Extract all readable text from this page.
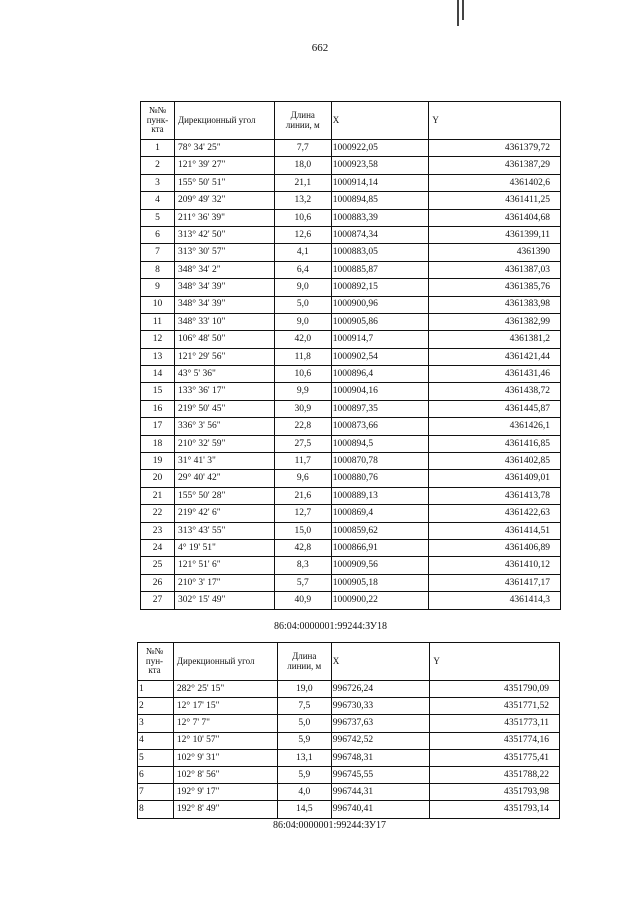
662
№№ пунк-
кта	Дирекционный угол	Длина линии, м	X	Y
1	78° 34' 25"	7,7	1000922,05	4361379,72
2	121° 39' 27"	18,0	1000923,58	4361387,29
3	155° 50' 51"	21,1	1000914,14	4361402,6
4	209° 49' 32"	13,2	1000894,85	4361411,25
5	211° 36' 39"	10,6	1000883,39	4361404,68
6	313° 42' 50"	12,6	1000874,34	4361399,11
7	313° 30' 57"	4,1	1000883,05	4361390
8	348° 34' 2"	6,4	1000885,87	4361387,03
9	348° 34' 39"	9,0	1000892,15	4361385,76
10	348° 34' 39"	5,0	1000900,96	4361383,98
11	348° 33' 10"	9,0	1000905,86	4361382,99
12	106° 48' 50"	42,0	1000914,7	4361381,2
13	121° 29' 56"	11,8	1000902,54	4361421,44
14	43° 5' 36"	10,6	1000896,4	4361431,46
15	133° 36' 17"	9,9	1000904,16	4361438,72
16	219° 50' 45"	30,9	1000897,35	4361445,87
17	336° 3' 56"	22,8	1000873,66	4361426,1
18	210° 32' 59"	27,5	1000894,5	4361416,85
19	31° 41' 3"	11,7	1000870,78	4361402,85
20	29° 40' 42"	9,6	1000880,76	4361409,01
21	155° 50' 28"	21,6	1000889,13	4361413,78
22	219° 42' 6"	12,7	1000869,4	4361422,63
23	313° 43' 55"	15,0	1000859,62	4361414,51
24	4° 19' 51"	42,8	1000866,91	4361406,89
25	121° 51' 6"	8,3	1000909,56	4361410,12
26	210° 3' 17"	5,7	1000905,18	4361417,17
27	302° 15' 49"	40,9	1000900,22	4361414,3
86:04:0000001:99244:ЗУ18
№№ пун-
кта	Дирекционный угол	Длина линии, м	X	Y
1	282° 25' 15"	19,0	996726,24	4351790,09
2	12° 17' 15"	7,5	996730,33	4351771,52
3	12° 7' 7"	5,0	996737,63	4351773,11
4	12° 10' 57"	5,9	996742,52	4351774,16
5	102° 9' 31"	13,1	996748,31	4351775,41
6	102° 8' 56"	5,9	996745,55	4351788,22
7	192° 9' 17"	4,0	996744,31	4351793,98
8	192° 8' 49"	14,5	996740,41	4351793,14
86:04:0000001:99244:ЗУ17
